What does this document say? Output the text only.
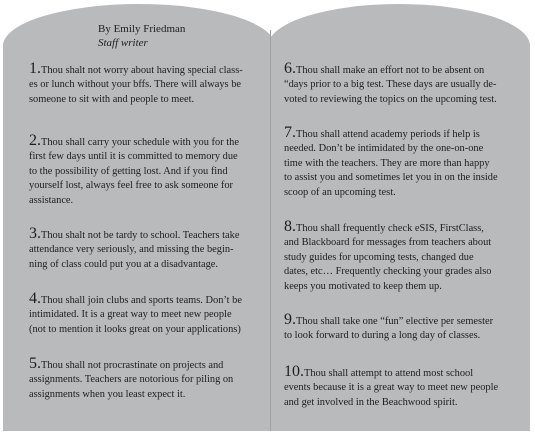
By Emily Friedman
Staff writer
1.Thou shalt not worry about having special class-
es or lunch without your bffs. There will always be
someone to sit with and people to meet.
2.Thou shall carry your schedule with you for the
first few days until it is committed to memory due
to the possibility of getting lost. And if you find
yourself lost, always feel free to ask someone for
assistance.
3.Thou shalt not be tardy to school. Teachers take
attendance very seriously, and missing the begin-
ning of class could put you at a disadvantage.
4.Thou shall join clubs and sports teams. Don’t be
intimidated. It is a great way to meet new people
(not to mention it looks great on your applications)
5.Thou shall not procrastinate on projects and
assignments. Teachers are notorious for piling on
assignments when you least expect it.
6.Thou shall make an effort not to be absent on
“days prior to a big test. These days are usually de-
voted to reviewing the topics on the upcoming test.
7.Thou shall attend academy periods if help is
needed. Don’t be intimidated by the one-on-one
time with the teachers. They are more than happy
to assist you and sometimes let you in on the inside
scoop of an upcoming test.
8.Thou shall frequently check eSIS, FirstClass,
and Blackboard for messages from teachers about
study guides for upcoming tests, changed due
dates, etc… Frequently checking your grades also
keeps you motivated to keep them up.
9.Thou shall take one “fun” elective per semester
to look forward to during a long day of classes.
10.Thou shall attempt to attend most school
events because it is a great way to meet new people
and get involved in the Beachwood spirit.
